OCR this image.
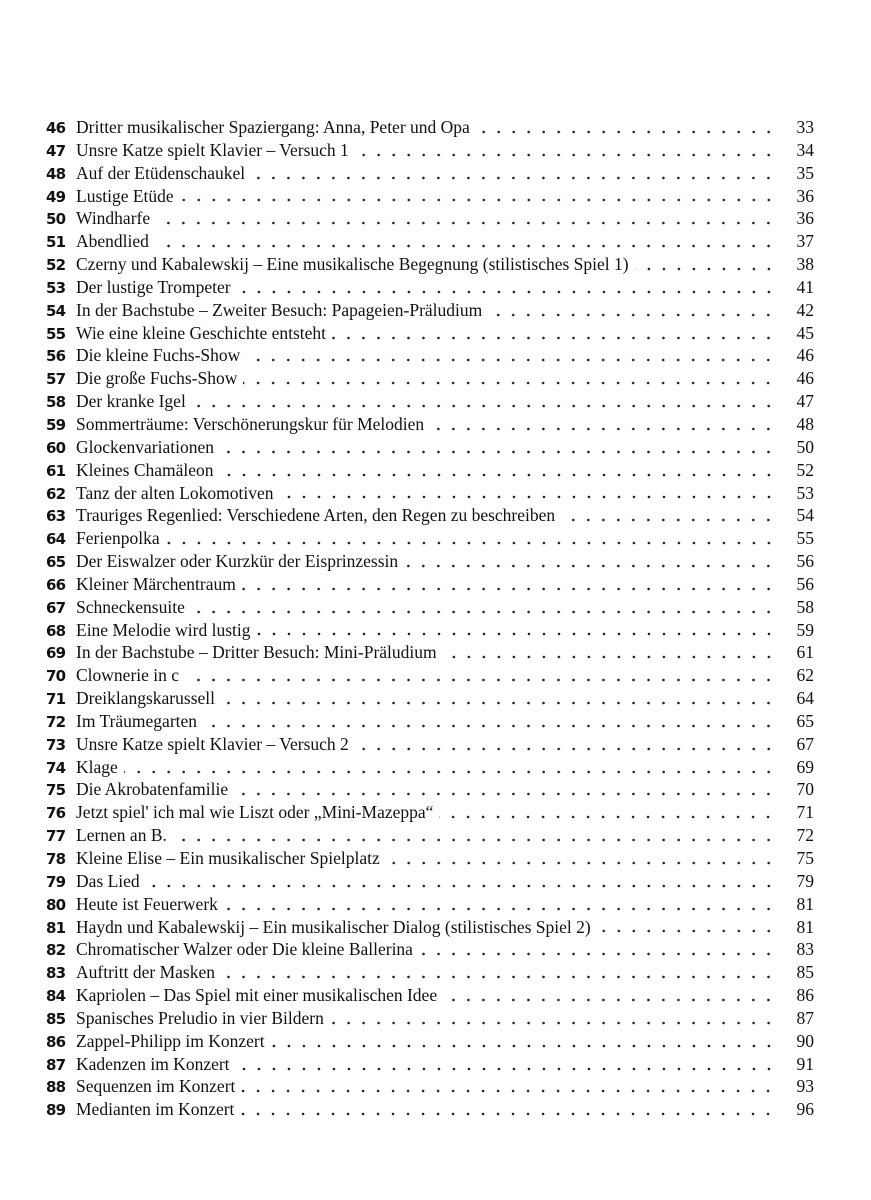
46 Dritter musikalischer Spaziergang: Anna, Peter und Opa	33
47 Unsre Katze spielt Klavier – Versuch 1	34
48 Auf der Etüdenschaukel	35
49 Lustige Etüde	36
50 Windharfe	36
51 Abendlied	37
52 Czerny und Kabalewskij – Eine musikalische Begegnung (stilistisches Spiel 1)	38
53 Der lustige Trompeter	41
54 In der Bachstube – Zweiter Besuch: Papageien-Präludium	42
55 Wie eine kleine Geschichte entsteht	45
56 Die kleine Fuchs-Show	46
57 Die große Fuchs-Show	46
58 Der kranke Igel	47
59 Sommerträume: Verschönerungskur für Melodien	48
60 Glockenvariationen	50
61 Kleines Chamäleon	52
62 Tanz der alten Lokomotiven	53
63 Trauriges Regenlied: Verschiedene Arten, den Regen zu beschreiben	54
64 Ferienpolka	55
65 Der Eiswalzer oder Kurzkür der Eisprinzessin	56
66 Kleiner Märchentraum	56
67 Schneckensuite	58
68 Eine Melodie wird lustig	59
69 In der Bachstube – Dritter Besuch: Mini-Präludium	61
70 Clownerie in c	62
71 Dreiklangskarussell	64
72 Im Träumegarten	65
73 Unsre Katze spielt Klavier – Versuch 2	67
74 Klage	69
75 Die Akrobatenfamilie	70
76 Jetzt spiel' ich mal wie Liszt oder „Mini-Mazeppa“	71
77 Lernen an B.	72
78 Kleine Elise – Ein musikalischer Spielplatz	75
79 Das Lied	79
80 Heute ist Feuerwerk	81
81 Haydn und Kabalewskij – Ein musikalischer Dialog (stilistisches Spiel 2)	81
82 Chromatischer Walzer oder Die kleine Ballerina	83
83 Auftritt der Masken	85
84 Kapriolen – Das Spiel mit einer musikalischen Idee	86
85 Spanisches Preludio in vier Bildern	87
86 Zappel-Philipp im Konzert	90
87 Kadenzen im Konzert	91
88 Sequenzen im Konzert	93
89 Medianten im Konzert	96
